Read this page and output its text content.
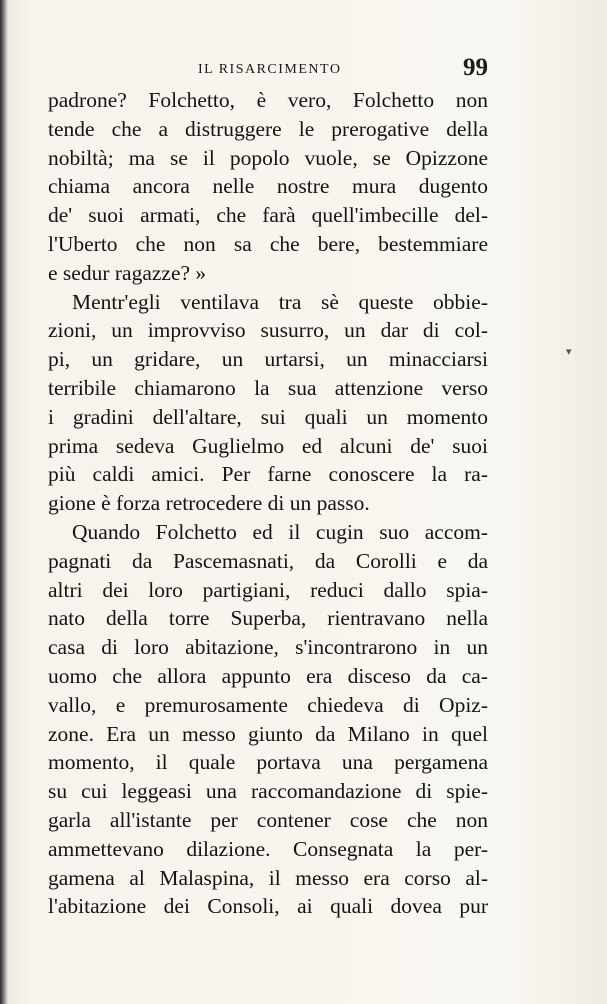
IL RISARCIMENTO	99
padrone? Folchetto, è vero, Folchetto non
tende che a distruggere le prerogative della
nobiltà; ma se il popolo vuole, se Opizzone
chiama ancora nelle nostre mura dugento
de' suoi armati, che farà quell'imbecille del-
l'Uberto che non sa che bere, bestemmiare
e sedur ragazze? »
Mentr'egli ventilava tra sè queste obbie-
zioni, un improvviso susurro, un dar di col-
pi, un gridare, un urtarsi, un minacciarsi
terribile chiamarono la sua attenzione verso
i gradini dell'altare, sui quali un momento
prima sedeva Guglielmo ed alcuni de' suoi
più caldi amici. Per farne conoscere la ra-
gione è forza retrocedere di un passo.
Quando Folchetto ed il cugin suo accom-
pagnati da Pascemasnati, da Corolli e da
altri dei loro partigiani, reduci dallo spia-
nato della torre Superba, rientravano nella
casa di loro abitazione, s'incontrarono in un
uomo che allora appunto era disceso da ca-
vallo, e premurosamente chiedeva di Opiz-
zone. Era un messo giunto da Milano in quel
momento, il quale portava una pergamena
su cui leggeasi una raccomandazione di spie-
garla all'istante per contener cose che non
ammettevano dilazione. Consegnata la per-
gamena al Malaspina, il messo era corso al-
l'abitazione dei Consoli, ai quali dovea pur
▾
